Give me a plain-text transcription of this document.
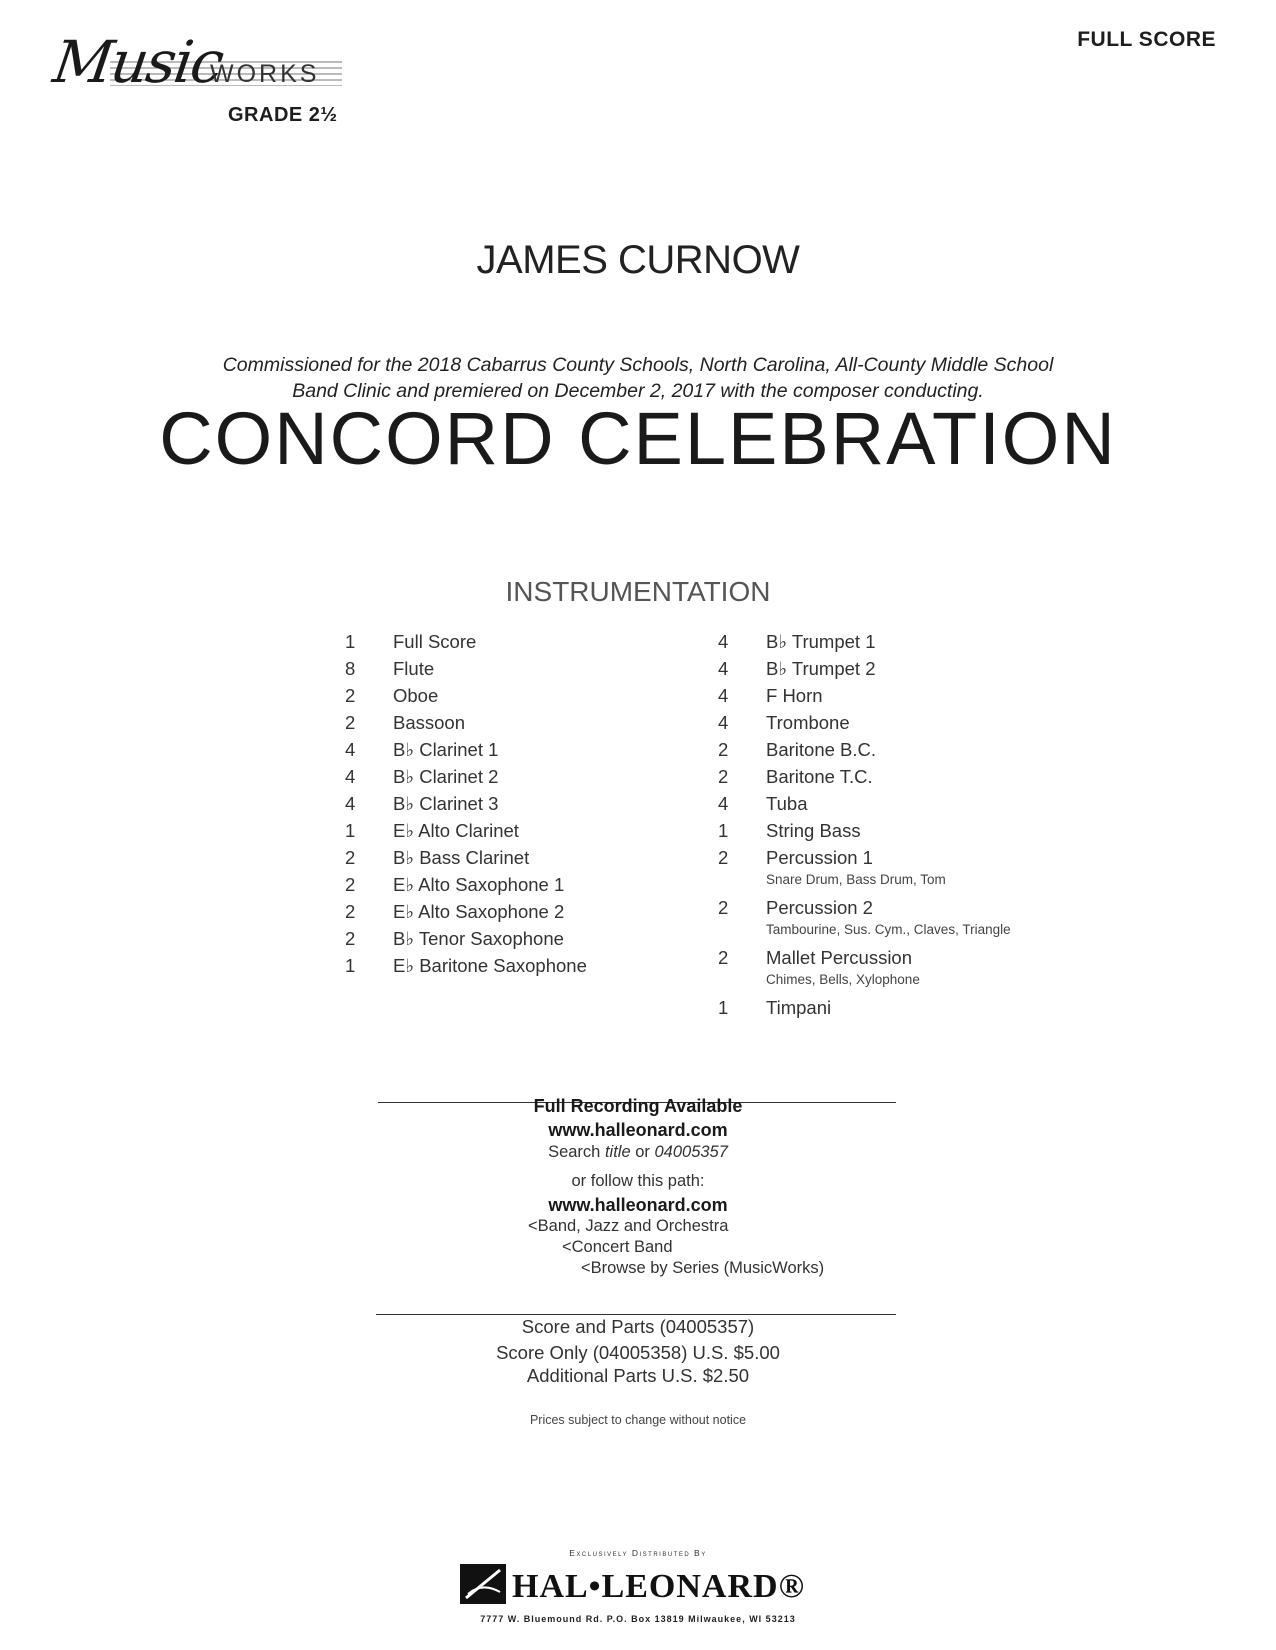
Music
WORKS
GRADE 2½
FULL SCORE
JAMES CURNOW
Commissioned for the 2018 Cabarrus County Schools, North Carolina, All-County Middle School
Band Clinic and premiered on December 2, 2017 with the composer conducting.
CONCORD CELEBRATION
INSTRUMENTATION
1	Full Score
8	Flute
2	Oboe
2	Bassoon
4	B♭ Clarinet 1
4	B♭ Clarinet 2
4	B♭ Clarinet 3
1	E♭ Alto Clarinet
2	B♭ Bass Clarinet
2	E♭ Alto Saxophone 1
2	E♭ Alto Saxophone 2
2	B♭ Tenor Saxophone
1	E♭ Baritone Saxophone
4	B♭ Trumpet 1
4	B♭ Trumpet 2
4	F Horn
4	Trombone
2	Baritone B.C.
2	Baritone T.C.
4	Tuba
1	String Bass
2	Percussion 1
Snare Drum, Bass Drum, Tom
2	Percussion 2
Tambourine, Sus. Cym., Claves, Triangle
2	Mallet Percussion
Chimes, Bells, Xylophone
1	Timpani
Full Recording Available
www.halleonard.com
Search title or 04005357
or follow this path:
www.halleonard.com
<Band, Jazz and Orchestra
<Concert Band
<Browse by Series (MusicWorks)
Score and Parts (04005357)
Score Only (04005358) U.S. $5.00
Additional Parts U.S. $2.50
Prices subject to change without notice
Exclusively Distributed By
HAL•LEONARD®
7777 W. Bluemound Rd. P.O. Box 13819 Milwaukee, WI 53213
